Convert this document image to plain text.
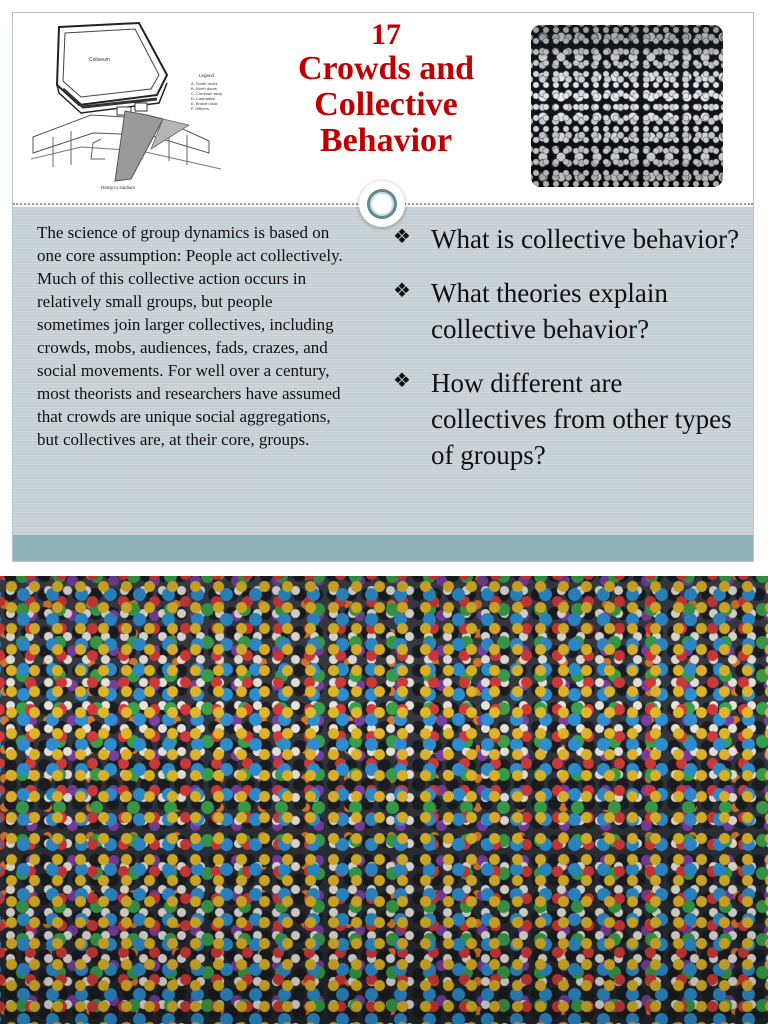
Coliseum
Ramp to stadium
Legend
A. South doors
B. North doors
C. Common story
D. Casualties
E. Broken door
F. Officers
17
Crowds and
Collective
Behavior

The science of group dynamics is based on one core assumption: People act collectively. Much of this collective action occurs in relatively small groups, but people sometimes join larger collectives, including crowds, mobs, audiences, fads, crazes, and social movements. For well over a century, most theorists and researchers have assumed that crowds are unique social aggregations, but collectives are, at their core, groups.

❖ What is collective behavior?
❖ What theories explain collective behavior?
❖ How different are collectives from other types of groups?
